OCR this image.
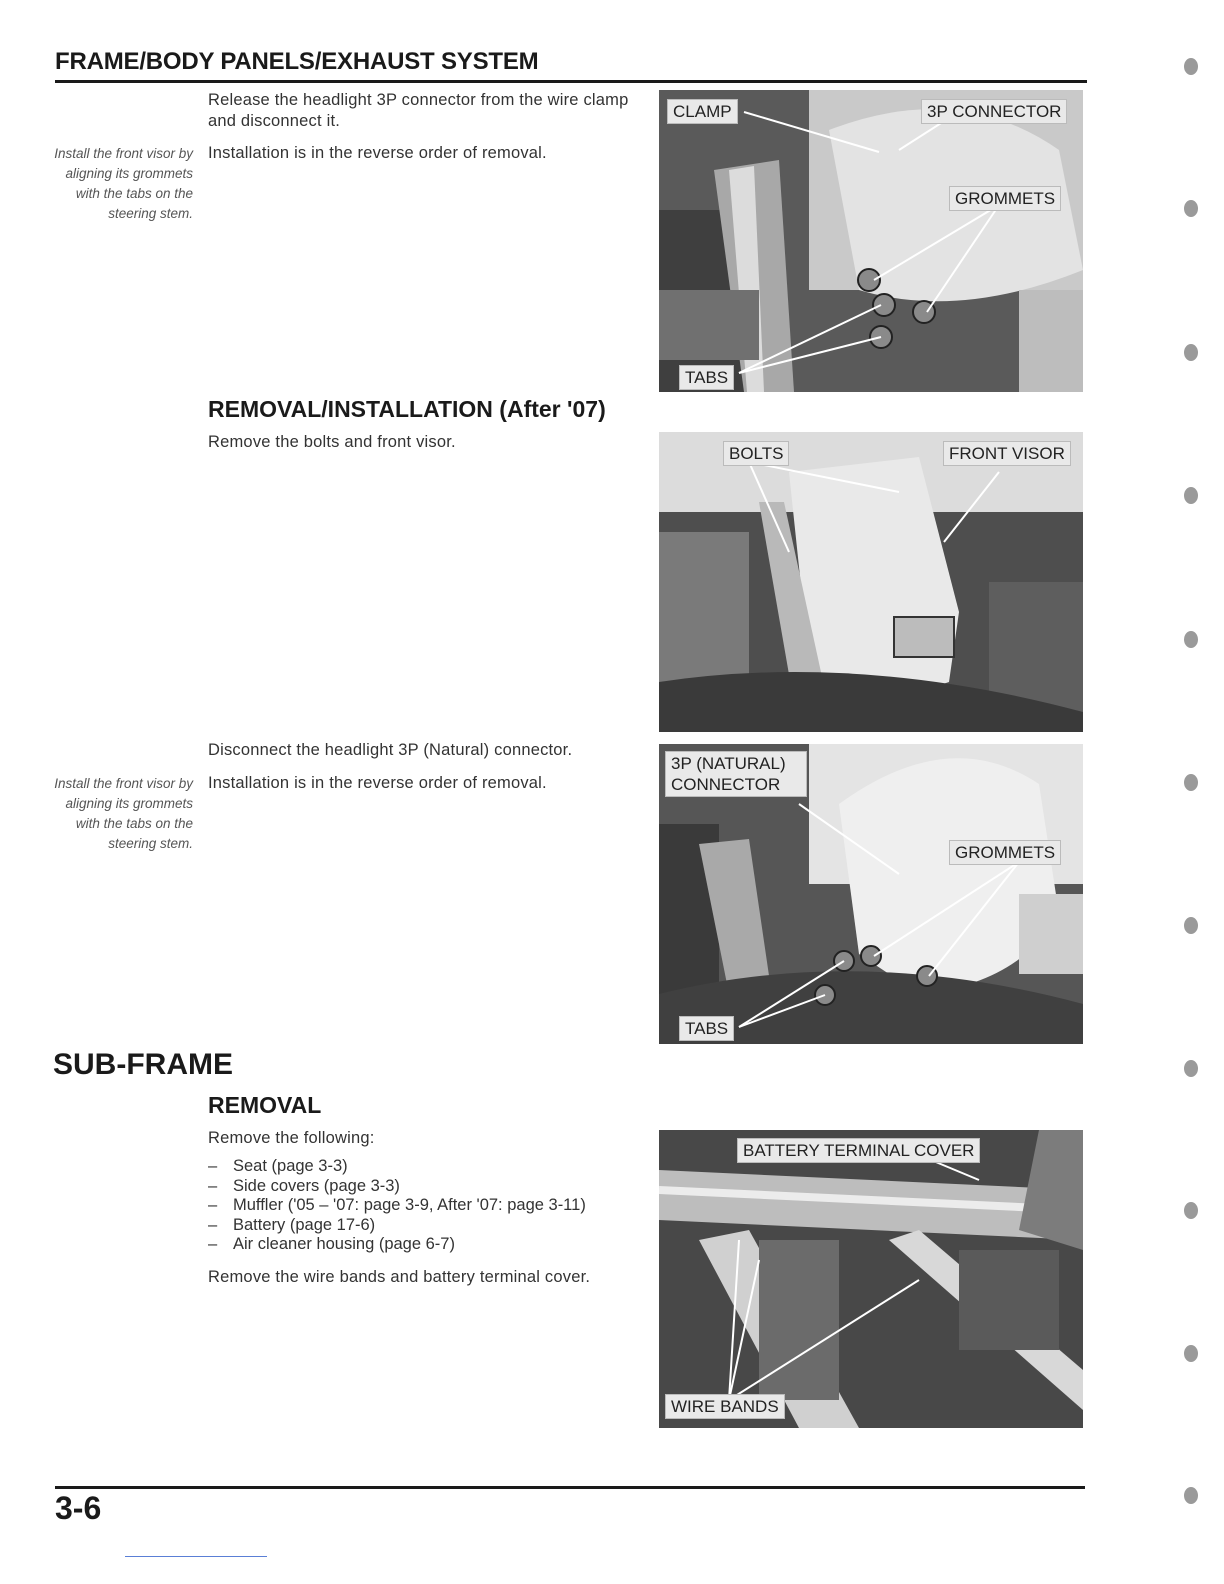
FRAME/BODY PANELS/EXHAUST SYSTEM
Release the headlight 3P connector from the wire clamp and disconnect it.
Install the front visor by aligning its grommets with the tabs on the steering stem.
Installation is in the reverse order of removal.
CLAMP	3P CONNECTOR
GROMMETS
TABS
REMOVAL/INSTALLATION (After '07)
Remove the bolts and front visor.
BOLTS	FRONT VISOR
Disconnect the headlight 3P (Natural) connector.
Install the front visor by aligning its grommets with the tabs on the steering stem.
Installation is in the reverse order of removal.
3P (NATURAL) CONNECTOR
GROMMETS
TABS
SUB-FRAME
REMOVAL
Remove the following:
– Seat (page 3-3)
– Side covers (page 3-3)
– Muffler ('05 – '07: page 3-9, After '07: page 3-11)
– Battery (page 17-6)
– Air cleaner housing (page 6-7)
Remove the wire bands and battery terminal cover.
BATTERY TERMINAL COVER
WIRE BANDS
3-6
